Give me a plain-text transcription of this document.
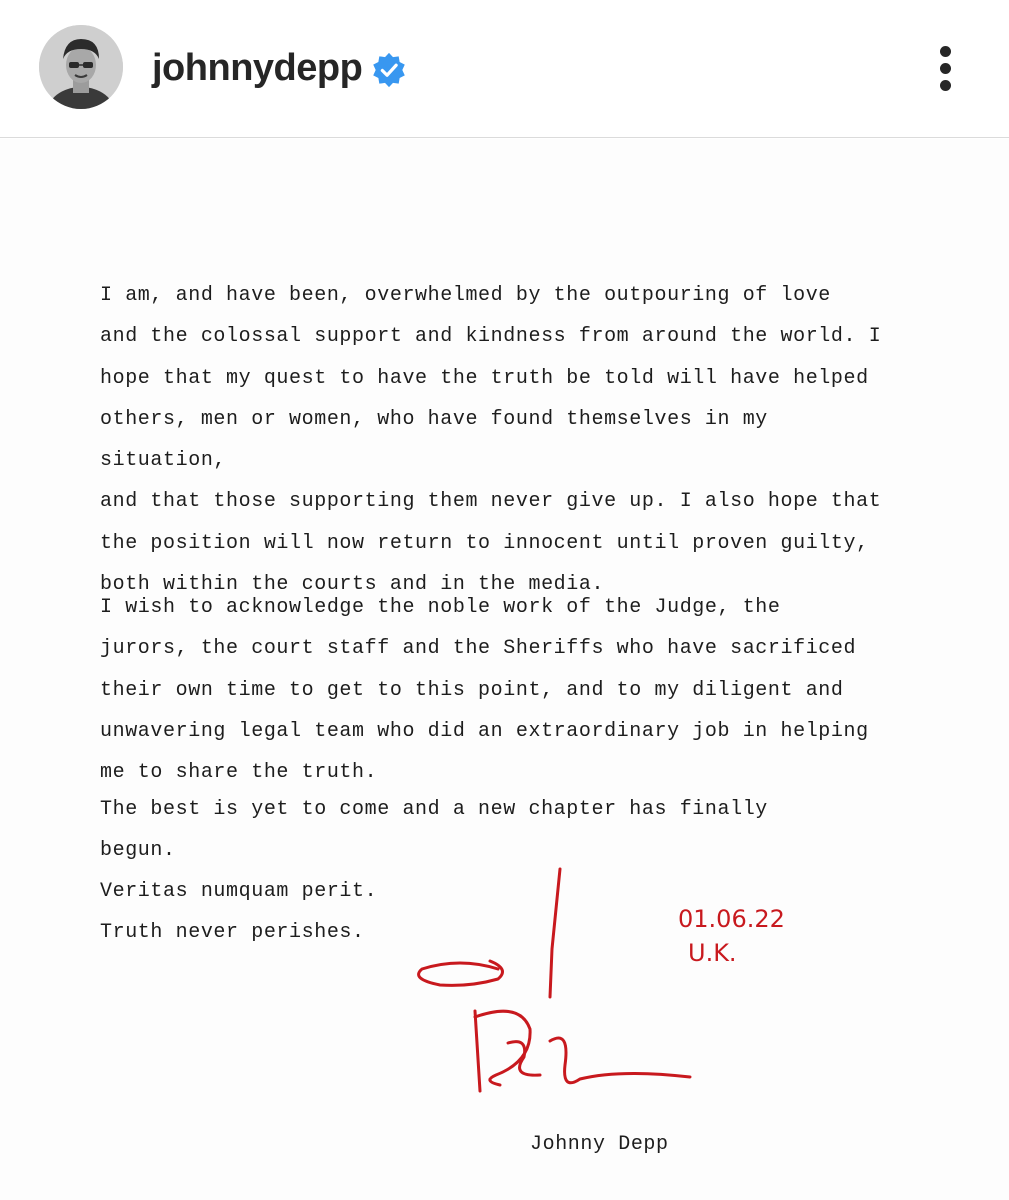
johnnydepp
I am, and have been, overwhelmed by the outpouring of love
and the colossal support and kindness from around the world. I
hope that my quest to have the truth be told will have helped
others, men or women, who have found themselves in my situation,
and that those supporting them never give up. I also hope that
the position will now return to innocent until proven guilty,
both within the courts and in the media.
I wish to acknowledge the noble work of the Judge, the
jurors, the court staff and the Sheriffs who have sacrificed
their own time to get to this point, and to my diligent and
unwavering legal team who did an extraordinary job in helping
me to share the truth.
The best is yet to come and a new chapter has finally
begun.
Veritas numquam perit.
Truth never perishes.	01.06.22
U.K.
Johnny Depp
